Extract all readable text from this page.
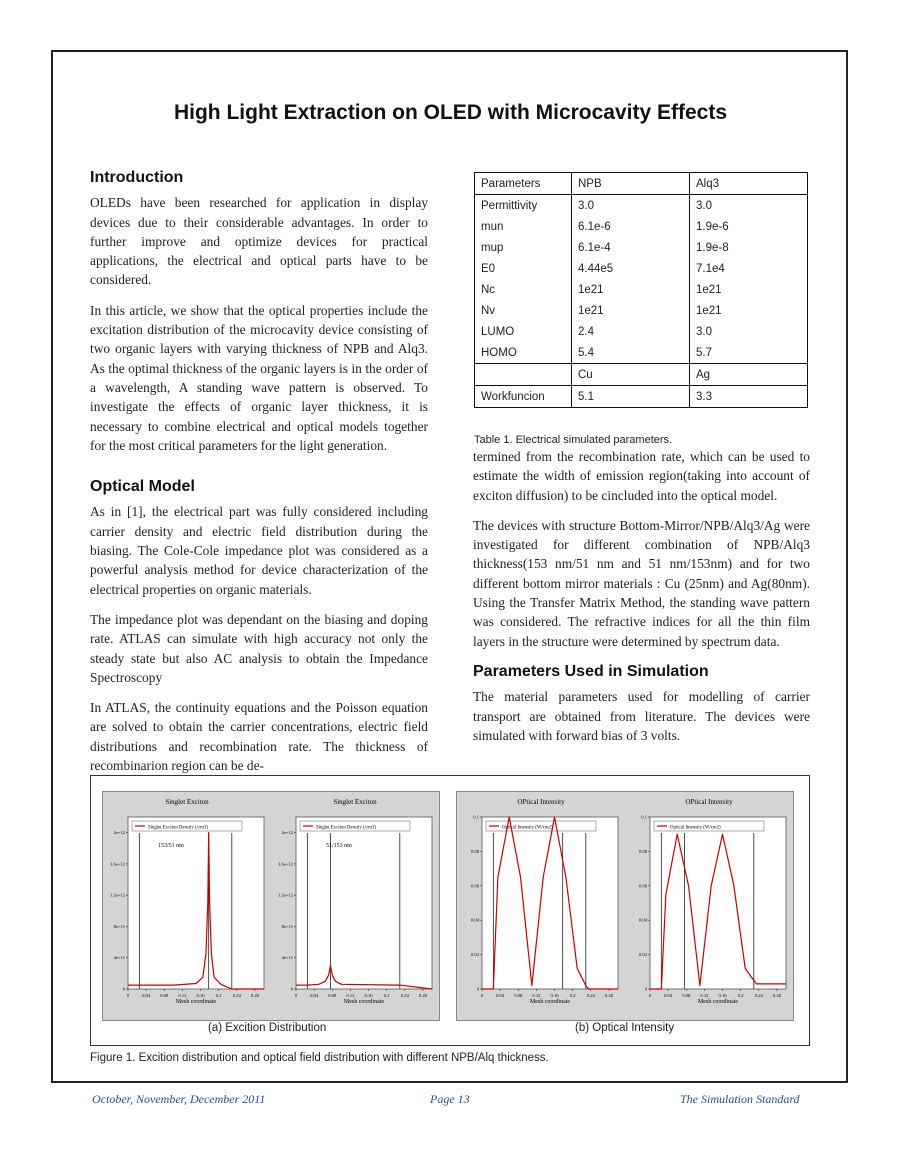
High Light Extraction on OLED with Microcavity Effects
Introduction

OLEDs have been researched for application in display devices due to their considerable advantages. In order to further improve and optimize devices for practical applications, the electrical and optical parts have to be considered.

In this article, we show that the optical properties include the excitation distribution of the microcavity device consisting of two organic layers with varying thickness of NPB and Alq3. As the optimal thickness of the organic layers is in the order of a wavelength, A standing wave pattern is observed. To investigate the effects of organic layer thickness, it is necessary to combine electrical and optical models together for the most critical parameters for the light generation.

Optical Model

As in [1], the electrical part was fully considered including carrier density and electric field distribution during the biasing. The Cole-Cole impedance plot was considered as a powerful analysis method for device characterization of the electrical properties on organic materials.

The impedance plot was dependant on the biasing and doping rate. ATLAS can simulate with high accuracy not only the steady state but also AC analysis to obtain the Impedance Spectroscopy

In ATLAS, the continuity equations and the Poisson equation are solved to obtain the carrier concentrations, electric field distributions and recombination rate. The thickness of recombinarion region can be de-

Parameters	NPB	Alq3
Permittivity	3.0	3.0
mun	6.1e-6	1.9e-6
mup	6.1e-4	1.9e-8
E0	4.44e5	7.1e4
Nc	1e21	1e21
Nv	1e21	1e21
LUMO	2.4	3.0
HOMO	5.4	5.7
	Cu	Ag
Workfuncion	5.1	3.3
Table 1. Electrical simulated parameters.

termined from the recombination rate, which can be used to estimate the width of emission region(taking into account of exciton diffusion) to be cincluded into the optical model.

The devices with structure Bottom-Mirror/NPB/Alq3/Ag were investigated for different combination of NPB/Alq3 thickness(153 nm/51 nm and 51 nm/153nm) and for two different bottom mirror materials : Cu (25nm) and Ag(80nm). Using the Transfer Matrix Method, the standing wave pattern was considered. The refractive indices for all the thin film layers in the structure were determined by spectrum data.

Parameters Used in Simulation

The material parameters used for modelling of carrier transport are obtained from literature. The devices were simulated with forward bias of 3 volts.

Singlet Exciton
Singlet Exciton Density (/cm3)
0
4e+11
8e+11
1.2e+12
1.6e+12
2e+12
0	0.04 0.08 0.12 0.16 0.2 0.24 0.28
Mesh coordinate
153/51 nm
Singlet Exciton
Singlet Exciton Density (/cm3)
0
4e+11
8e+11
1.2e+12
1.6e+12
2e+12
0	0.04 0.08 0.12 0.16 0.2 0.24 0.28
Mesh coordinate
51/153 nm
OPtical Intensity
Optical Intensity (W/cm2)
0
0.02
0.04
0.06
0.08
0.1
0	0.04 0.08 0.12 0.16 0.2 0.24 0.28
Mesh coordinate
OPtical Intensity
Optical Intensity (W/cm2)
0
0.02
0.04
0.06
0.08
0.1
0	0.04 0.08 0.12 0.16 0.2 0.24 0.28
Mesh coordinate
(a) Excition Distribution	(b) Optical Intensity
Figure 1. Excition distribution and optical field distribution with different NPB/Alq thickness.
October, November, December 2011	Page 13	The Simulation Standard
